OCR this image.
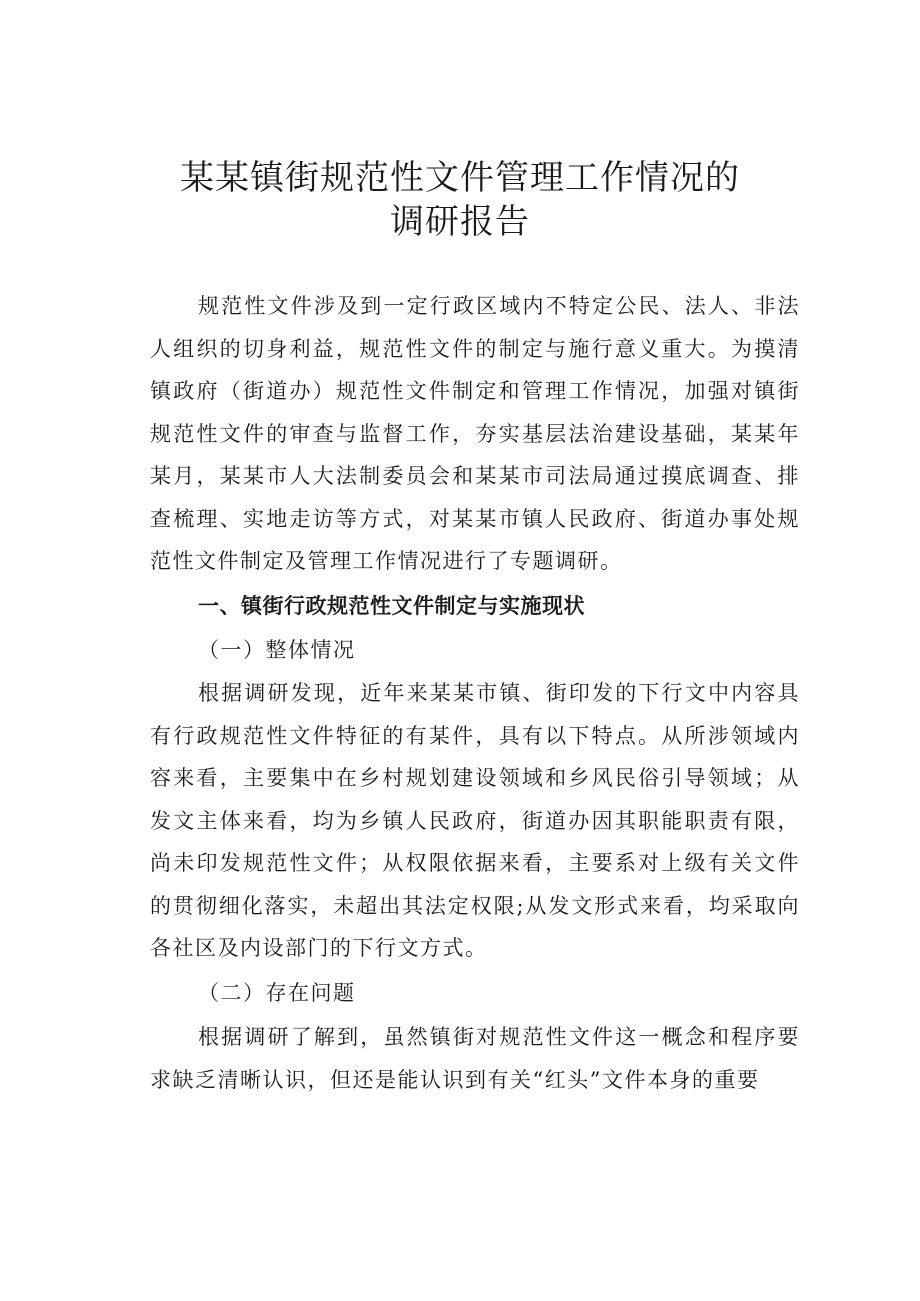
某某镇街规范性文件管理工作情况的
调研报告
规范性文件涉及到一定行政区域内不特定公民、法人、非法人组织的切身利益，规范性文件的制定与施行意义重大。为摸清镇政府（街道办）规范性文件制定和管理工作情况，加强对镇街规范性文件的审查与监督工作，夯实基层法治建设基础，某某年某月，某某市人大法制委员会和某某市司法局通过摸底调查、排查梳理、实地走访等方式，对某某市镇人民政府、街道办事处规范性文件制定及管理工作情况进行了专题调研。
一、镇街行政规范性文件制定与实施现状
（一）整体情况
根据调研发现，近年来某某市镇、街印发的下行文中内容具有行政规范性文件特征的有某件，具有以下特点。从所涉领域内容来看，主要集中在乡村规划建设领域和乡风民俗引导领域；从发文主体来看，均为乡镇人民政府，街道办因其职能职责有限，尚未印发规范性文件；从权限依据来看，主要系对上级有关文件的贯彻细化落实，未超出其法定权限;从发文形式来看，均采取向各社区及内设部门的下行文方式。
（二）存在问题
根据调研了解到，虽然镇街对规范性文件这一概念和程序要求缺乏清晰认识，但还是能认识到有关“红头”文件本身的重要
